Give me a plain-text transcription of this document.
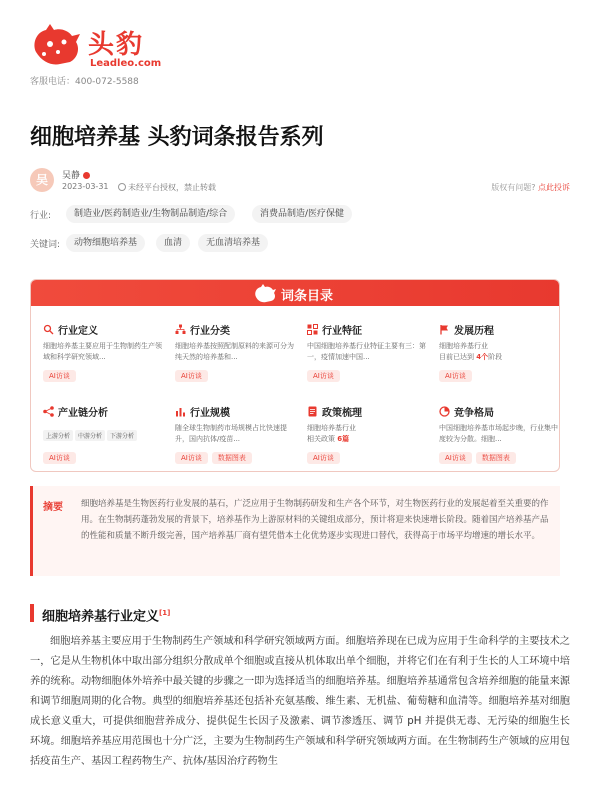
头豹
Leadleo.com
客服电话：400-072-5588
细胞培养基 头豹词条报告系列
吴	吴静
2023-03-31	未经平台授权，禁止转载	版权有问题? 点此投诉
行业:	制造业/医药制造业/生物制品制造/综合	消费品制造/医疗保健
关键词:	动物细胞培养基	血清	无血清培养基
词条目录
行业定义
细胞培养基主要应用于生物制药生产领域和科学研究领域...
AI访谈
行业分类
细胞培养基按照配制原料的来源可分为纯天然的培养基和...
AI访谈
行业特征
中国细胞培养基行业特征主要有三：第一，疫情加速中国...
AI访谈
发展历程
细胞培养基行业
目前已达到 4个阶段
AI访谈
产业链分析
上游分析 中游分析 下游分析
AI访谈
行业规模
随全球生物制药市场规模占比快速提升，国内抗体/疫苗...
AI访谈 数据图表
政策梳理
细胞培养基行业
相关政策 6篇
AI访谈
竞争格局
中国细胞培养基市场起步晚，行业集中度较为分散。细胞...
AI访谈 数据图表
摘要 细胞培养基是生物医药行业发展的基石，广泛应用于生物制药研发和生产各个环节，对生物医药行业的发展起着至关重要的作用。在生物制药蓬勃发展的背景下，培养基作为上游原材料的关键组成部分，预计将迎来快速增长阶段。随着国产培养基产品的性能和质量不断升级完善，国产培养基厂商有望凭借本土化优势逐步实现进口替代，获得高于市场平均增速的增长水平。
细胞培养基行业定义[1]
细胞培养基主要应用于生物制药生产领域和科学研究领域两方面。细胞培养现在已成为应用于生命科学的主要技术之一，它是从生物机体中取出部分组织分散成单个细胞或直接从机体取出单个细胞，并将它们在有利于生长的人工环境中培养的统称。动物细胞体外培养中最关键的步骤之一即为选择适当的细胞培养基。细胞培养基通常包含培养细胞的能量来源和调节细胞周期的化合物。典型的细胞培养基还包括补充氨基酸、维生素、无机盐、葡萄糖和血清等。细胞培养基对细胞成长意义重大，可提供细胞营养成分、提供促生长因子及激素、调节渗透压、调节 pH 并提供无毒、无污染的细胞生长环境。细胞培养基应用范围也十分广泛，主要为生物制药生产领域和科学研究领域两方面。在生物制药生产领域的应用包括疫苗生产、基因工程药物生产、抗体/基因治疗药物生
